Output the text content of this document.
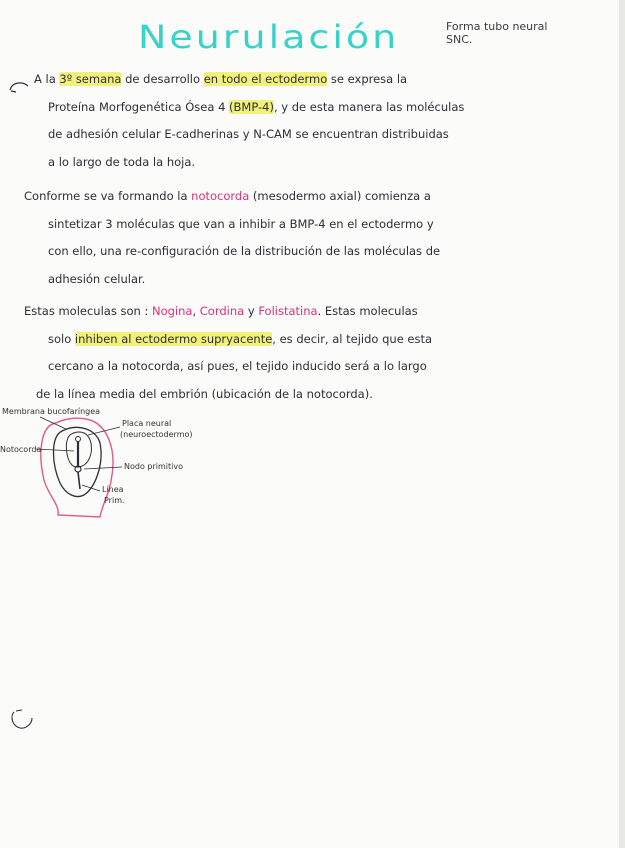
Neurulación	Forma tubo neural
SNC.
A la 3º semana de desarrollo en todo el ectodermo se expresa la
Proteína Morfogenética Ósea 4 (BMP-4), y de esta manera las moléculas
de adhesión celular E-cadherinas y N-CAM se encuentran distribuidas
a lo largo de toda la hoja.
Conforme se va formando la notocorda (mesodermo axial) comienza a
sintetizar 3 moléculas que van a inhibir a BMP-4 en el ectodermo y
con ello, una re-configuración de la distribución de las moléculas de
adhesión celular.
Estas moleculas son : Nogina, Cordina y Folistatina. Estas moleculas
solo inhiben al ectodermo supryacente, es decir, al tejido que esta
cercano a la notocorda, así pues, el tejido inducido será a lo largo
de la línea media del embrión (ubicación de la notocorda).
Membrana bucofaríngea
Notocorda
Placa neural
(neuroectodermo)
Nodo primitivo
Línea
Prim.
